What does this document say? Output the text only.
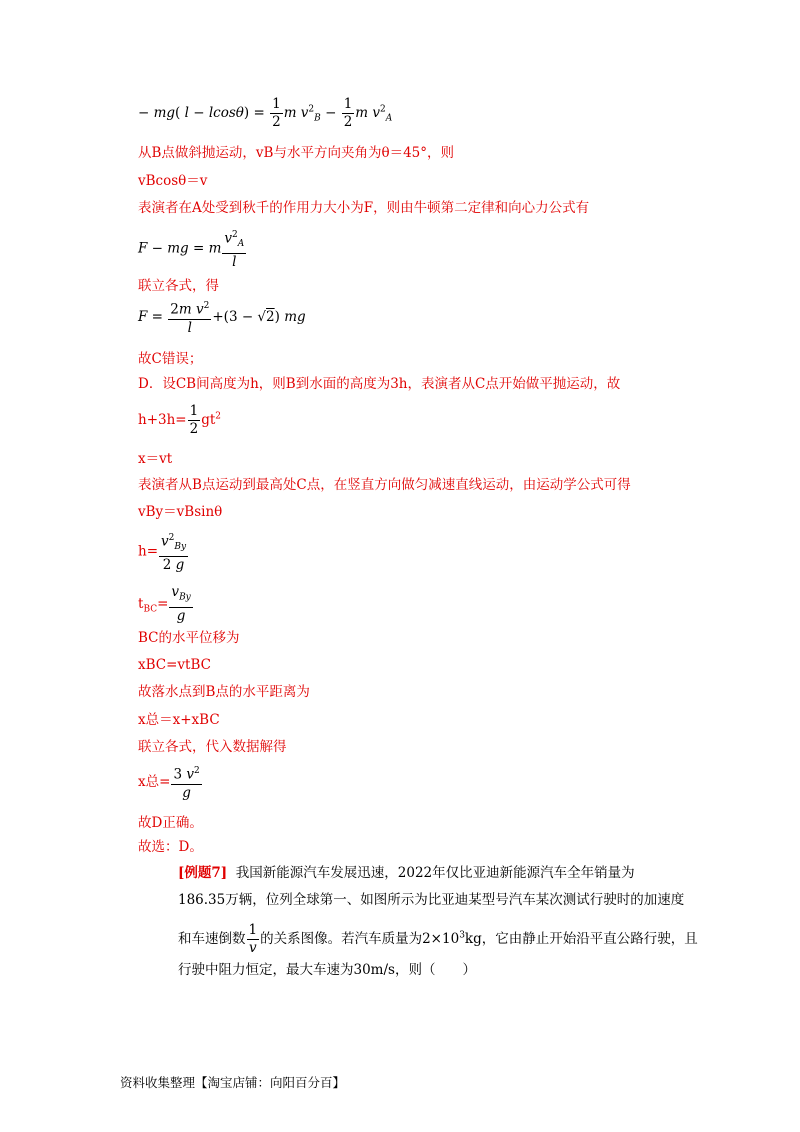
− mg( $l - lcos\theta) = \frac{1}{2}$ m $v^2_B - \frac{1}{2}$ m $v^2_A$
从B点做斜抛运动，vB与水平方向夹角为θ＝45°，则
vBcosθ＝v
表演者在A处受到秋千的作用力大小为F，则由牛顿第二定律和向心力公式有
F − mg = m $\frac{v^2_A}{l}$
联立各式，得
$F = \frac{2m v^2}{l} +(3 - √2)$ mg
故C错误；
D．设CB间高度为h，则B到水面的高度为3h，表演者从C点开始做平抛运动，故
$h+3h= \frac{1}{2} gt^2$
x＝vt
表演者从B点运动到最高处C点，在竖直方向做匀减速直线运动，由运动学公式可得
vBy＝vBsinθ
$h= \frac{v^2_{By}}{2 g}$
$t_{BC}= \frac{v_{By}}{g}$
BC的水平位移为
xBC=vtBC
故落水点到B点的水平距离为
x总＝x+xBC
联立各式，代入数据解得
x总= $\frac{3 v^2}{g}$
故D正确。
故选：D。
[例题7] 我国新能源汽车发展迅速，2022年仅比亚迪新能源汽车全年销量为
186.35万辆，位列全球第一、如图所示为比亚迪某型号汽车某次测试行驶时的加速度
和车速倒数 $\frac{1}{v}$ 的关系图像。若汽车质量为$2\times 10^3kg$，它由静止开始沿平直公路行驶，且
行驶中阻力恒定，最大车速为30m/s，则（　　）
资料收集整理【淘宝店铺：向阳百分百】
